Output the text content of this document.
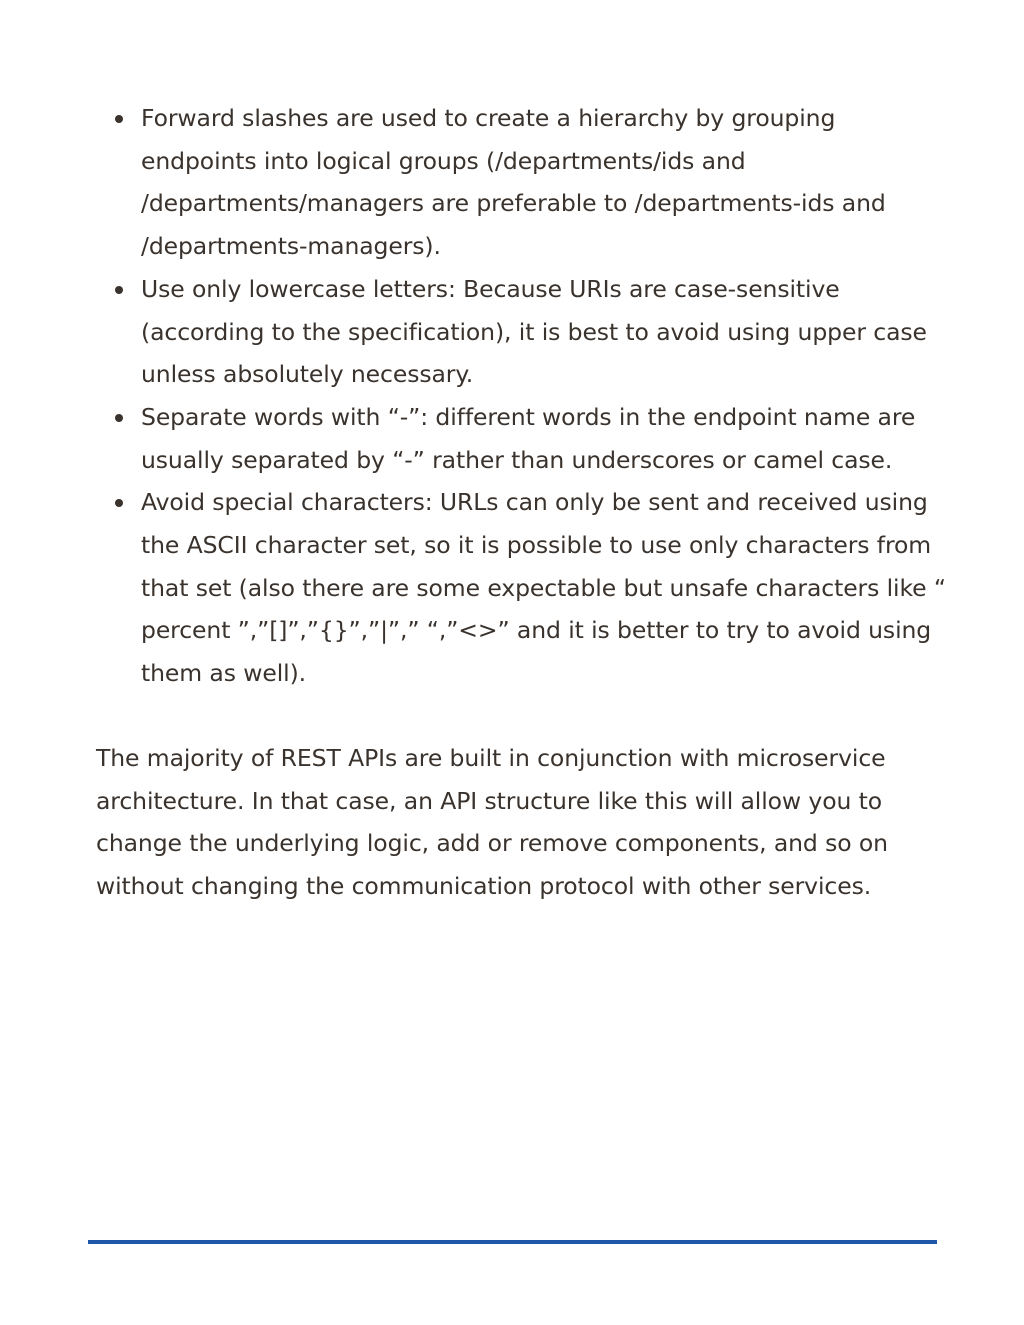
Forward slashes are used to create a hierarchy by grouping endpoints into logical groups (/departments/ids and /departments/managers are preferable to /departments-ids and /departments-managers).
Use only lowercase letters: Because URIs are case-sensitive (according to the specification), it is best to avoid using upper case unless absolutely necessary.
Separate words with “-”: different words in the endpoint name are usually separated by “-” rather than underscores or camel case.
Avoid special characters: URLs can only be sent and received using the ASCII character set, so it is possible to use only characters from that set (also there are some expectable but unsafe characters like “ percent ”,”[]”,”{}”,”|”,” “,”<>” and it is better to try to avoid using them as well).

The majority of REST APIs are built in conjunction with microservice architecture. In that case, an API structure like this will allow you to change the underlying logic, add or remove components, and so on without changing the communication protocol with other services.
